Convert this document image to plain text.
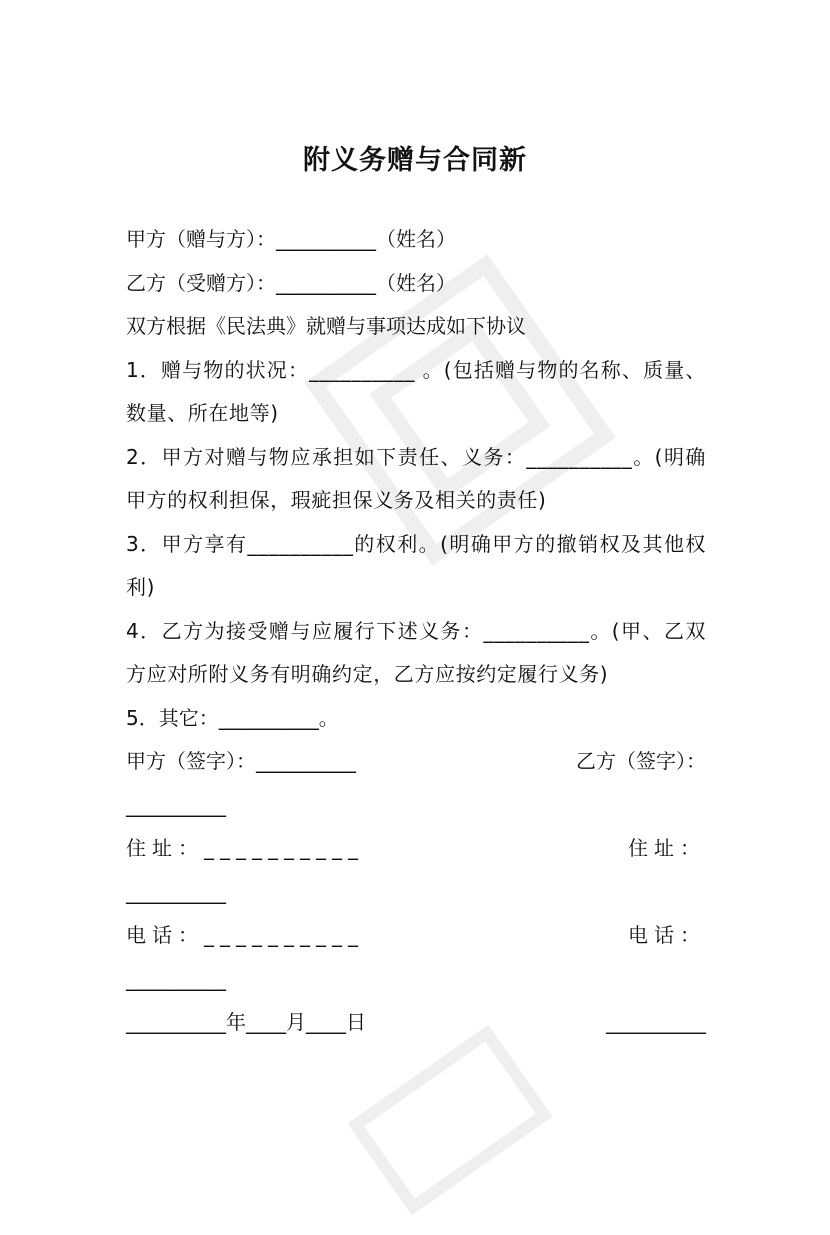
附义务赠与合同新
甲方（赠与方）：__________（姓名）
乙方（受赠方）：__________（姓名）
双方根据《民法典》就赠与事项达成如下协议
1．赠与物的状况：__________ 。(包括赠与物的名称、质量、数量、所在地等)
2．甲方对赠与物应承担如下责任、义务：__________。(明确甲方的权利担保，瑕疵担保义务及相关的责任)
3．甲方享有__________的权利。(明确甲方的撤销权及其他权利)
4．乙方为接受赠与应履行下述义务：__________。(甲、乙双方应对所附义务有明确约定，乙方应按约定履行义务)
5．其它：__________。
甲方（签字）：__________	乙方（签字）：
__________
住址：__________	住址：
__________
电话：__________	电话：
__________
__________年____月____日	__________
